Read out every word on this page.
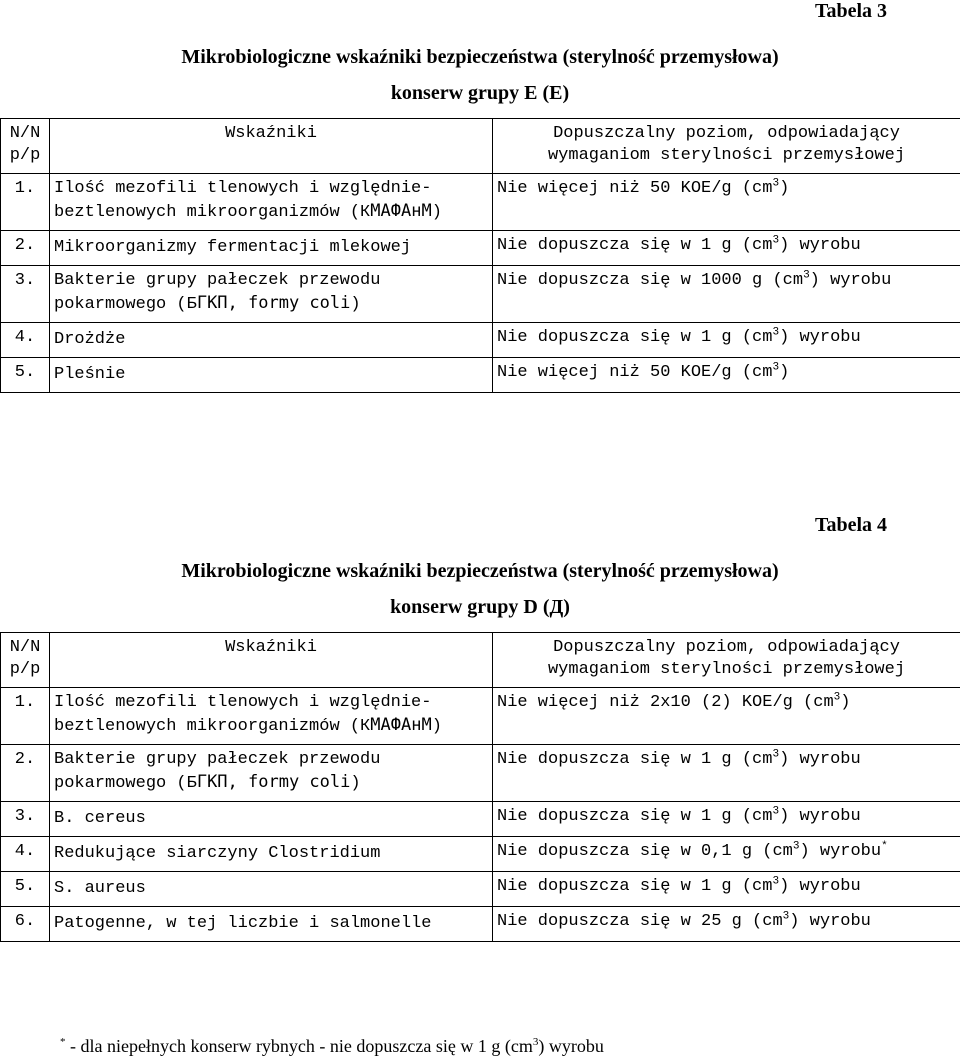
Tabela 3
Mikrobiologiczne wskaźniki bezpieczeństwa (sterylność przemysłowa)
konserw grupy E (E)
N/N p/p	Wskaźniki	Dopuszczalny poziom, odpowiadający wymaganiom sterylności przemysłowej
1.	Ilość mezofili tlenowych i względnie-beztlenowych mikroorganizmów (КМАФАнМ)	Nie więcej niż 50 KOE/g $(cm^3)$
2.	Mikroorganizmy fermentacji mlekowej	Nie dopuszcza się w 1 g $(cm^3)$ wyrobu
3.	Bakterie grupy pałeczek przewodu pokarmowego (БГКП, formy coli)	Nie dopuszcza się w 1000 g $(cm^3)$ wyrobu
4.	Drożdże	Nie dopuszcza się w 1 g $(cm^3)$ wyrobu
5.	Pleśnie	Nie więcej niż 50 KOE/g $(cm^3)$
Tabela 4
Mikrobiologiczne wskaźniki bezpieczeństwa (sterylność przemysłowa)
konserw grupy D (Д)
N/N p/p	Wskaźniki	Dopuszczalny poziom, odpowiadający wymaganiom sterylności przemysłowej
1.	Ilość mezofili tlenowych i względnie-beztlenowych mikroorganizmów (КМАФАнМ)	Nie więcej niż 2x10 (2) KOE/g $(cm^3)$
2.	Bakterie grupy pałeczek przewodu pokarmowego (БГКП, formy coli)	Nie dopuszcza się w 1 g $(cm^3)$ wyrobu
3.	B. cereus	Nie dopuszcza się w 1 g $(cm^3)$ wyrobu
4.	Redukujące siarczyny Clostridium	Nie dopuszcza się w 0,1 g $(cm^3)$ wyrobu*
5.	S. aureus	Nie dopuszcza się w 1 g $(cm^3)$ wyrobu
6.	Patogenne, w tej liczbie i salmonelle	Nie dopuszcza się w 25 g $(cm^3)$ wyrobu
* - dla niepełnych konserw rybnych - nie dopuszcza się w 1 g $(cm^3)$ wyrobu
